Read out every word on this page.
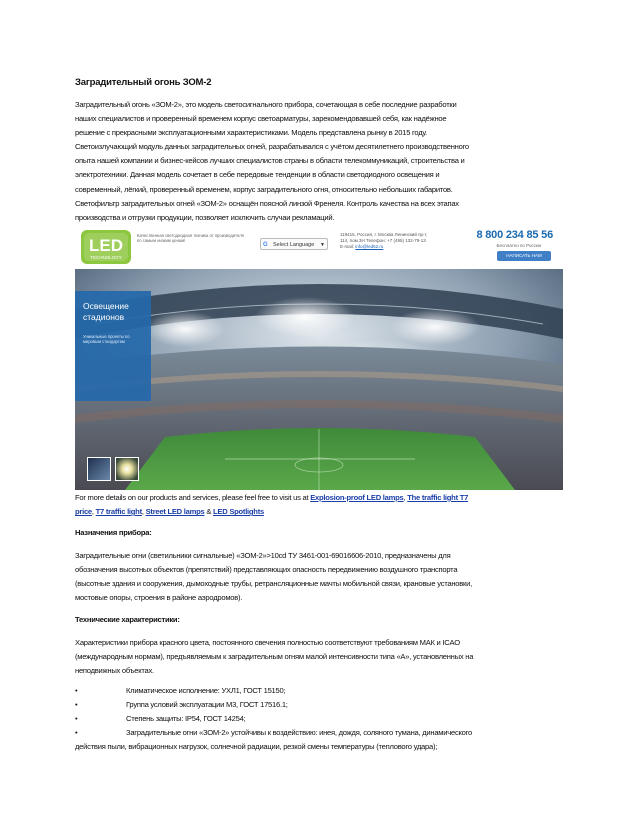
Заградительный огонь ЗОМ-2
Заградительный огонь «ЗОМ-2», это модель светосигнального прибора, сочетающая в себе последние разработки
наших специалистов и проверенный временем корпус светоарматуры, зарекомендовавшей себя, как надёжное
решение с прекрасными эксплуатационными характеристиками. Модель представлена рынку в 2015 году.
Светоизлучающий модуль данных заградительных огней, разрабатывался с учётом десятилетнего производственного
опыта нашей компании и бизнес-кейсов лучших специалистов страны в области телекоммуникаций, строительства и
электротехники. Данная модель сочетает в себе передовые тенденции в области светодиодного освещения и
современный, лёгкий, проверенный временем, корпус заградительного огня, относительно небольших габаритов.
Светофильтр заградительных огней «ЗОМ-2» оснащён поясной линзой Френеля. Контроль качества на всех этапах
производства и отгрузки продукции, позволяет исключить случаи рекламаций.
LED
TECHNOLOGY
Качественная светодиодная техника от производителя по самым низким ценам!
G Select Language ▼
119415, Россия, г. Москва Ленинский пр-т, 114, пом.3Н Телефон: +7 (495) 132-79-13 E-mail: info@led52.ru
8 800 234 85 56
Бесплатно по России
НАПИСАТЬ НАМ
Освещение стадионов
Уникальные проекты по мировым стандартам
For more details on our products and services, please feel free to visit us at Explosion-proof LED lamps, The traffic light T7
price, T7 traffic light, Street LED lamps & LED Spotlights
Назначения прибора:
Заградительные огни (светильники сигнальные) «ЗОМ-2»>10cd ТУ 3461-001-69016606-2010, предназначены для
обозначения высотных объектов (препятствий) представляющих опасность передвижению воздушного транспорта
(высотные здания и сооружения, дымоходные трубы, ретрансляционные мачты мобильной связи, крановые установки,
мостовые опоры, строения в районе аэродромов).
Технические характеристики:
Характеристики прибора красного цвета, постоянного свечения полностью соответствуют требованиям МАК и ICAO
(международным нормам), предъявляемым к заградительным огням малой интенсивности типа «А», установленных на
неподвижных объектах.
•	Климатическое исполнение: УХЛ1, ГОСТ 15150;
•	Группа условий эксплуатации М3, ГОСТ 17516.1;
•	Степень защиты: IP54, ГОСТ 14254;
•	Заградительные огни «ЗОМ-2» устойчивы к воздействию: инея, дождя, соляного тумана, динамического
действия пыли, вибрационных нагрузок, солнечной радиации, резкой смены температуры (теплового удара);
